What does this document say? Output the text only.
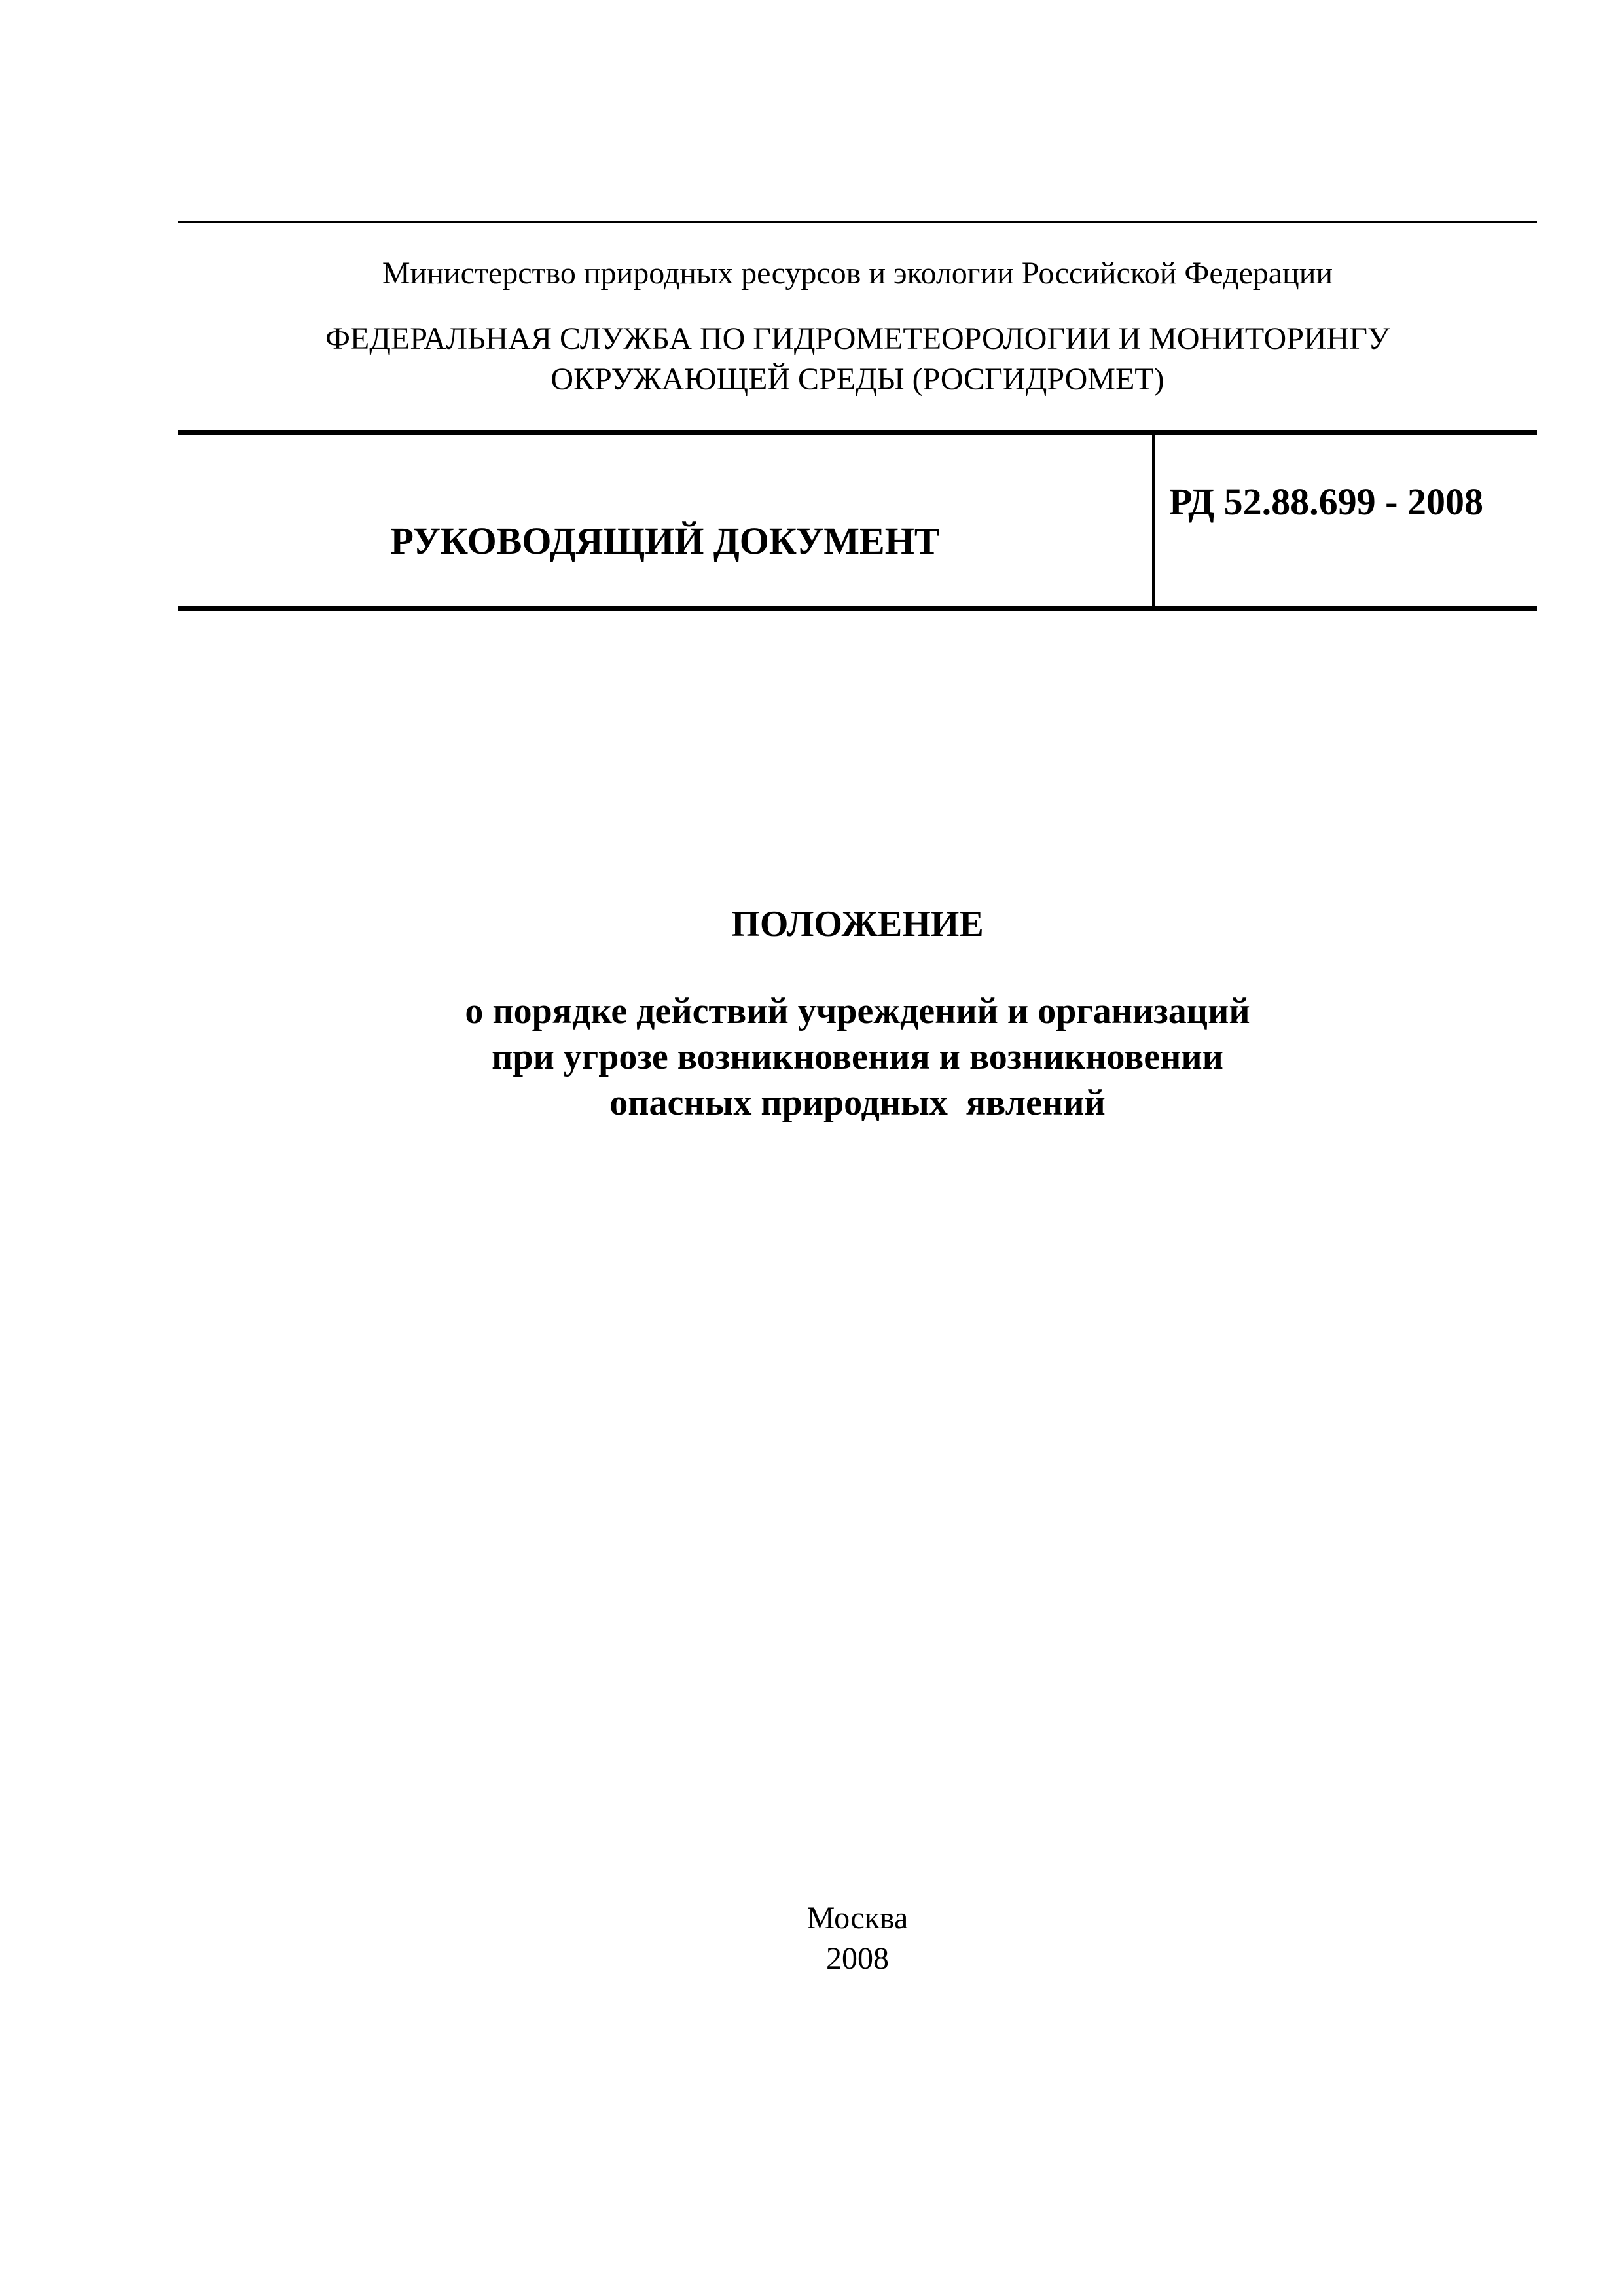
Министерство природных ресурсов и экологии Российской Федерации
ФЕДЕРАЛЬНАЯ СЛУЖБА ПО ГИДРОМЕТЕОРОЛОГИИ И МОНИТОРИНГУ
ОКРУЖАЮЩЕЙ СРЕДЫ (РОСГИДРОМЕТ)
РУКОВОДЯЩИЙ ДОКУМЕНТ
РД 52.88.699 - 2008
ПОЛОЖЕНИЕ
о порядке действий учреждений и организаций
при угрозе возникновения и возникновении
опасных природных  явлений
Москва
2008
